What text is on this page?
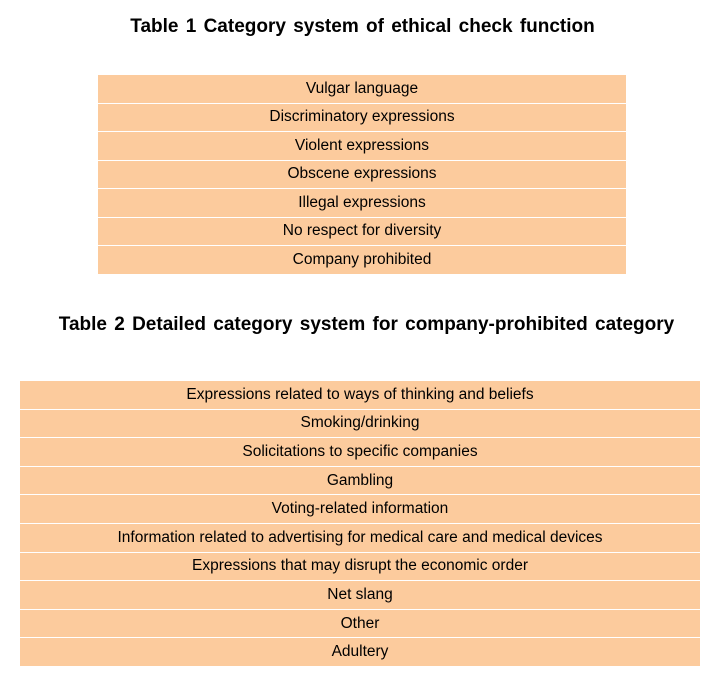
Table 1 Category system of ethical check function
Vulgar language
Discriminatory expressions
Violent expressions
Obscene expressions
Illegal expressions
No respect for diversity
Company prohibited
Table 2 Detailed category system for company-prohibited category
Expressions related to ways of thinking and beliefs
Smoking/drinking
Solicitations to specific companies
Gambling
Voting-related information
Information related to advertising for medical care and medical devices
Expressions that may disrupt the economic order
Net slang
Other
Adultery
